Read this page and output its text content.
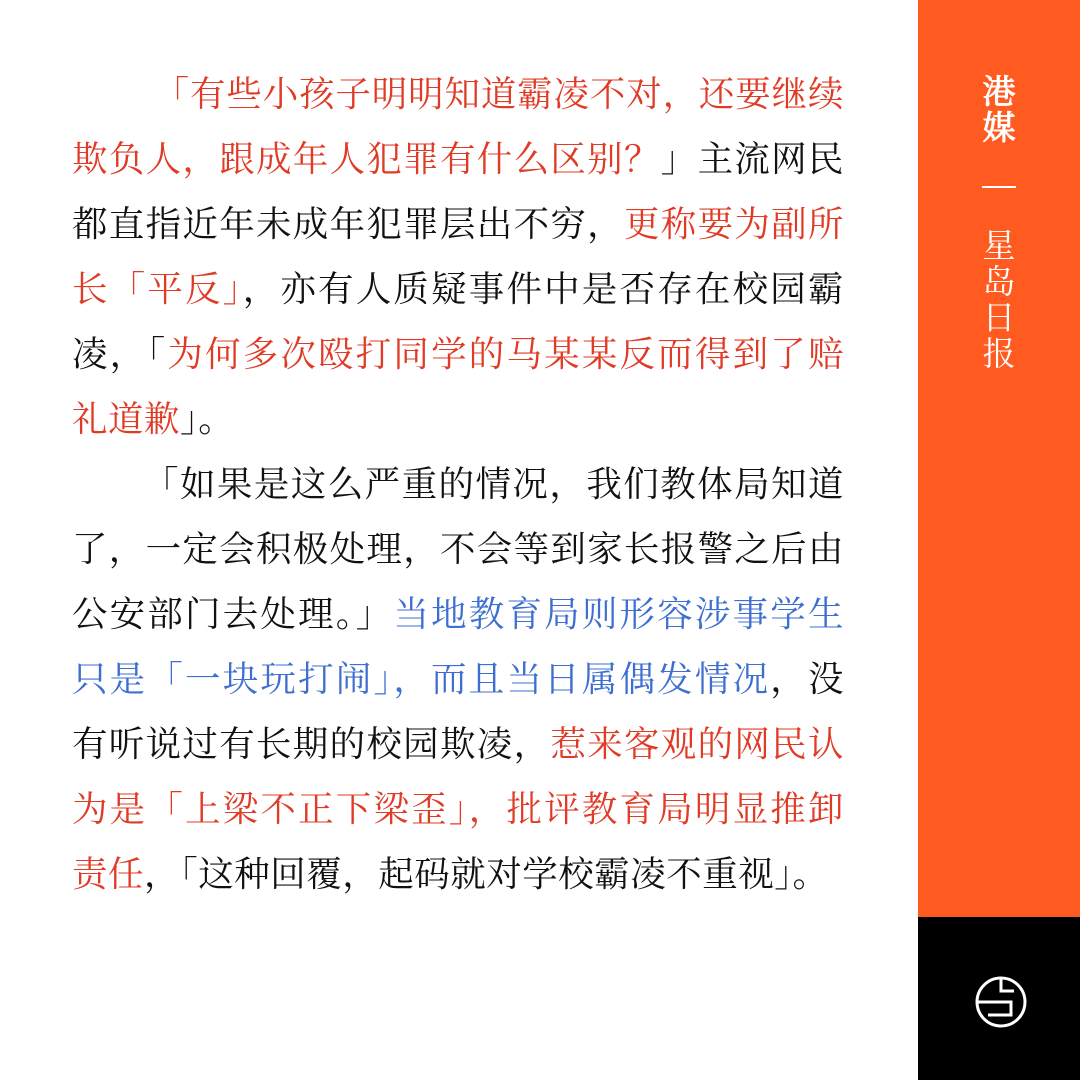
「有些小孩子明明知道霸凌不对，还要继续欺负人，跟成年人犯罪有什么区别？」主流网民都直指近年未成年犯罪层出不穷，更称要为副所长「平反」，亦有人质疑事件中是否存在校园霸凌，「为何多次殴打同学的马某某反而得到了赔礼道歉」。

「如果是这么严重的情况，我们教体局知道了，一定会积极处理，不会等到家长报警之后由公安部门去处理。」当地教育局则形容涉事学生只是「一块玩打闹」，而且当日属偶发情况，没有听说过有长期的校园欺凌，惹来客观的网民认为是「上梁不正下梁歪」，批评教育局明显推卸责任，「这种回覆，起码就对学校霸凌不重视」。

港
媒
星
岛
日
报
